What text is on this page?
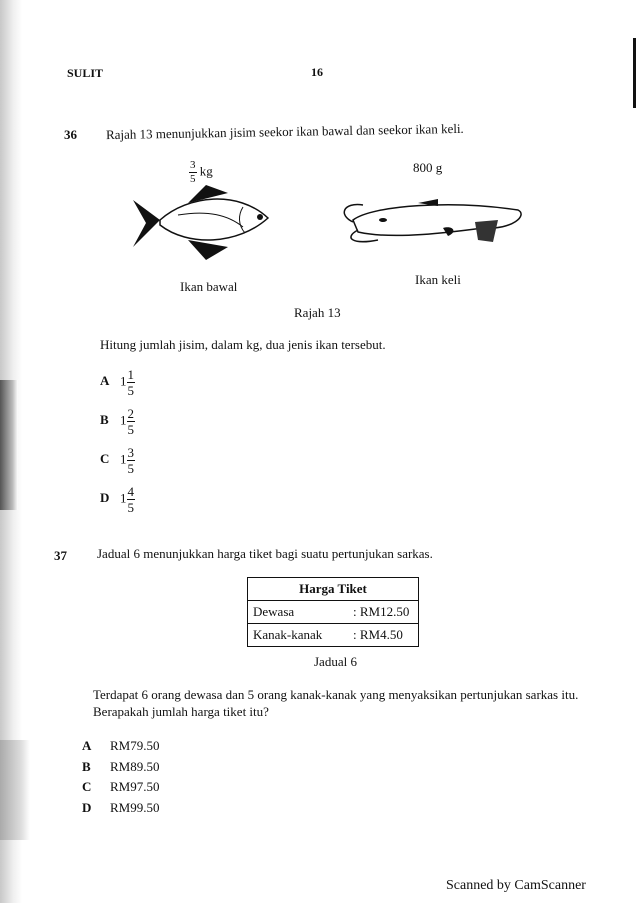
SULIT	16
36 Rajah 13 menunjukkan jisim seekor ikan bawal dan seekor ikan keli.
$\frac{3}{5}$ kg	800 g
Ikan bawal	Ikan keli
Rajah 13
Hitung jumlah jisim, dalam kg, dua jenis ikan tersebut.
37 Jadual 6 menunjukkan harga tiket bagi suatu pertunjukan sarkas.
Harga Tiket	
Dewasa	: RM12.50
Kanak-kanak	: RM4.50
Jadual 6
Terdapat 6 orang dewasa dan 5 orang kanak-kanak yang menyaksikan pertunjukan sarkas itu.
Berapakah jumlah harga tiket itu?
Scanned by CamScanner
A $1 \frac{1}{5}$
B $1 \frac{2}{5}$
C $1 \frac{3}{5}$
D $1 \frac{4}{5}$
A RM79.50
B RM89.50
C RM97.50
D RM99.50
